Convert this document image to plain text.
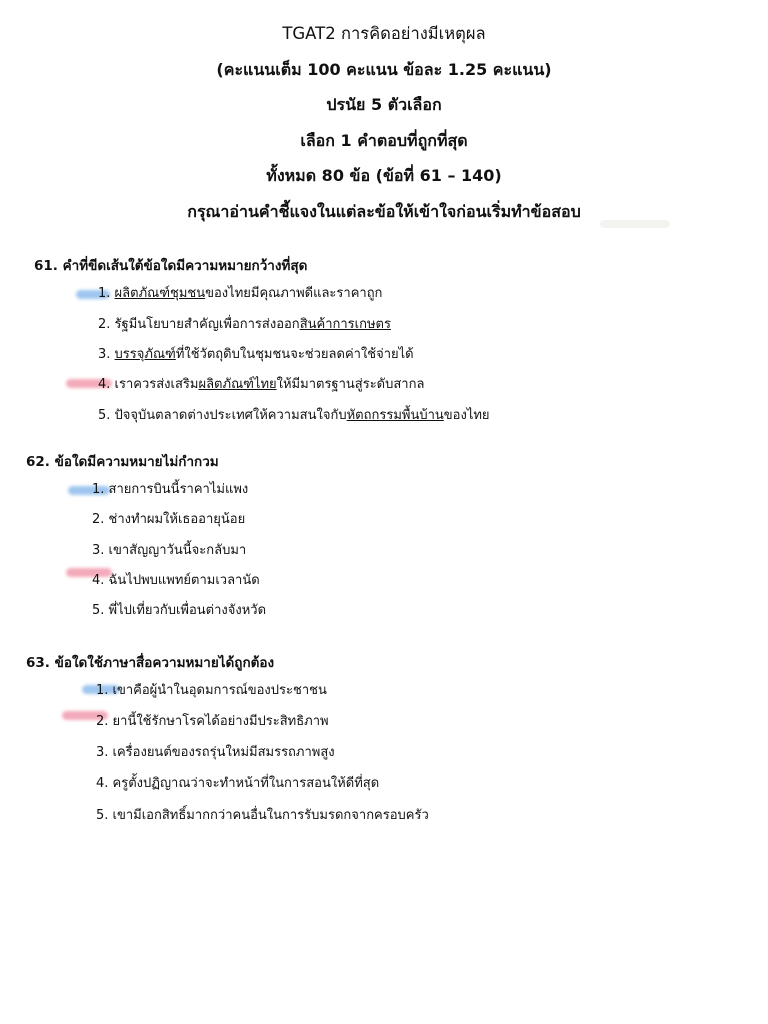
TGAT2 การคิดอย่างมีเหตุผล
(คะแนนเต็ม 100 คะแนน ข้อละ 1.25 คะแนน)
ปรนัย 5 ตัวเลือก
เลือก 1 คำตอบที่ถูกที่สุด
ทั้งหมด 80 ข้อ (ข้อที่ 61 – 140)
กรุณาอ่านคำชี้แจงในแต่ละข้อให้เข้าใจก่อนเริ่มทำข้อสอบ
61. คำที่ขีดเส้นใต้ข้อใดมีความหมายกว้างที่สุด
1. ผลิตภัณฑ์ชุมชนของไทยมีคุณภาพดีและราคาถูก
2. รัฐมีนโยบายสำคัญเพื่อการส่งออกสินค้าการเกษตร
3. บรรจุภัณฑ์ที่ใช้วัตถุดิบในชุมชนจะช่วยลดค่าใช้จ่ายได้
4. เราควรส่งเสริมผลิตภัณฑ์ไทยให้มีมาตรฐานสู่ระดับสากล
5. ปัจจุบันตลาดต่างประเทศให้ความสนใจกับหัตถกรรมพื้นบ้านของไทย
62. ข้อใดมีความหมายไม่กำกวม
1. สายการบินนี้ราคาไม่แพง
2. ช่างทำผมให้เธออายุน้อย
3. เขาสัญญาวันนี้จะกลับมา
4. ฉันไปพบแพทย์ตามเวลานัด
5. พี่ไปเที่ยวกับเพื่อนต่างจังหวัด
63. ข้อใดใช้ภาษาสื่อความหมายได้ถูกต้อง
1. เขาคือผู้นำในอุดมการณ์ของประชาชน
2. ยานี้ใช้รักษาโรคได้อย่างมีประสิทธิภาพ
3. เครื่องยนต์ของรถรุ่นใหม่มีสมรรถภาพสูง
4. ครูตั้งปฏิญาณว่าจะทำหน้าที่ในการสอนให้ดีที่สุด
5. เขามีเอกสิทธิ์มากกว่าคนอื่นในการรับมรดกจากครอบครัว
